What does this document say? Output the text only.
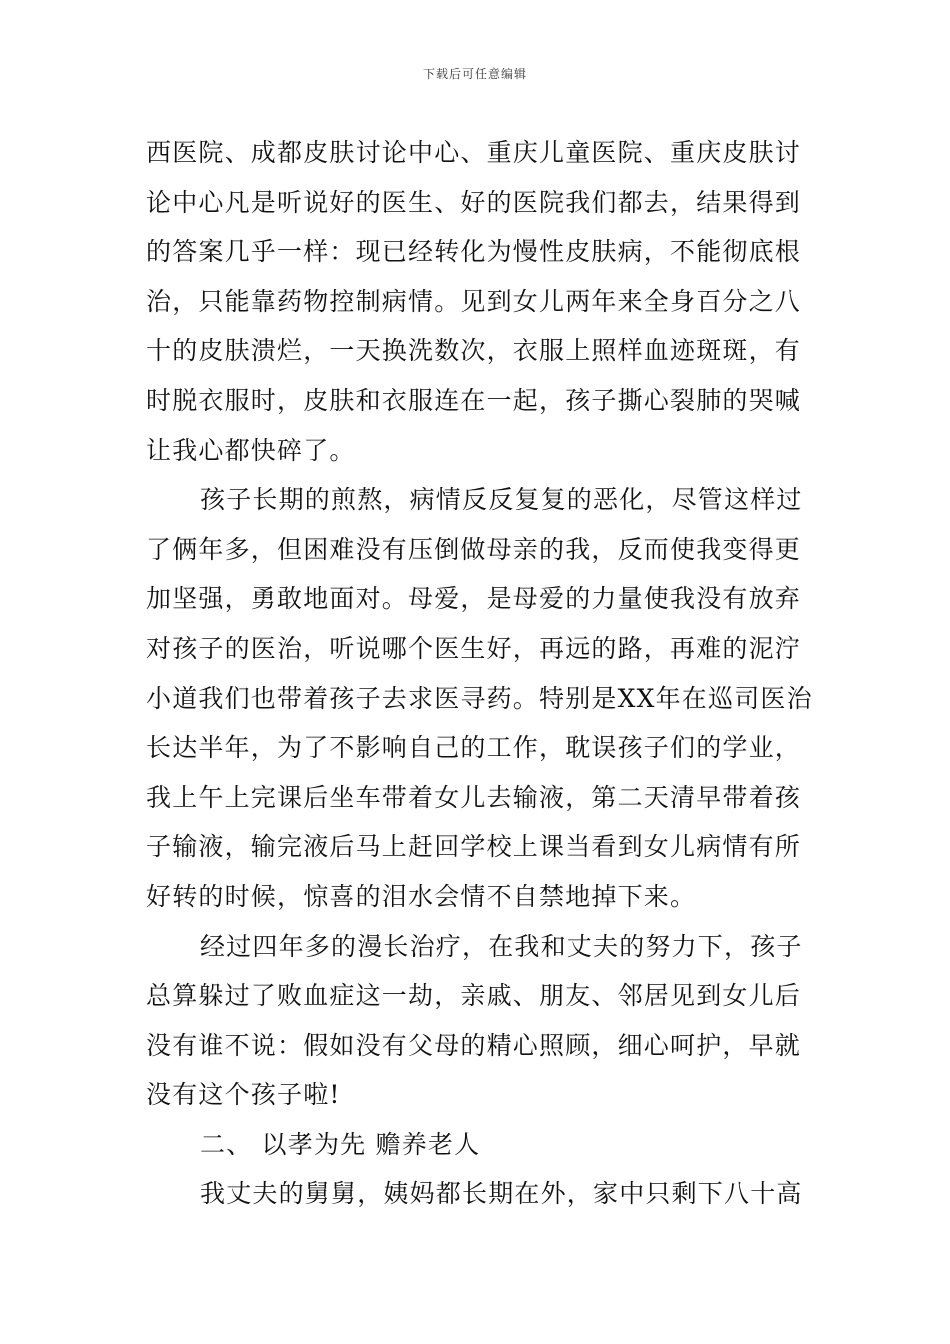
下载后可任意编辑
西医院、成都皮肤讨论中心、重庆儿童医院、重庆皮肤讨
论中心凡是听说好的医生、好的医院我们都去，结果得到
的答案几乎一样：现已经转化为慢性皮肤病，不能彻底根
治，只能靠药物控制病情。见到女儿两年来全身百分之八
十的皮肤溃烂，一天换洗数次，衣服上照样血迹斑斑，有
时脱衣服时，皮肤和衣服连在一起，孩子撕心裂肺的哭喊
让我心都快碎了。
孩子长期的煎熬，病情反反复复的恶化，尽管这样过
了俩年多，但困难没有压倒做母亲的我，反而使我变得更
加坚强，勇敢地面对。母爱，是母爱的力量使我没有放弃
对孩子的医治，听说哪个医生好，再远的路，再难的泥泞
小道我们也带着孩子去求医寻药。特别是XX年在巡司医治
长达半年，为了不影响自己的工作，耽误孩子们的学业，
我上午上完课后坐车带着女儿去输液，第二天清早带着孩
子输液，输完液后马上赶回学校上课当看到女儿病情有所
好转的时候，惊喜的泪水会情不自禁地掉下来。
经过四年多的漫长治疗，在我和丈夫的努力下，孩子
总算躲过了败血症这一劫，亲戚、朋友、邻居见到女儿后
没有谁不说：假如没有父母的精心照顾，细心呵护，早就
没有这个孩子啦!
二、 以孝为先 赡养老人
我丈夫的舅舅，姨妈都长期在外，家中只剩下八十高
